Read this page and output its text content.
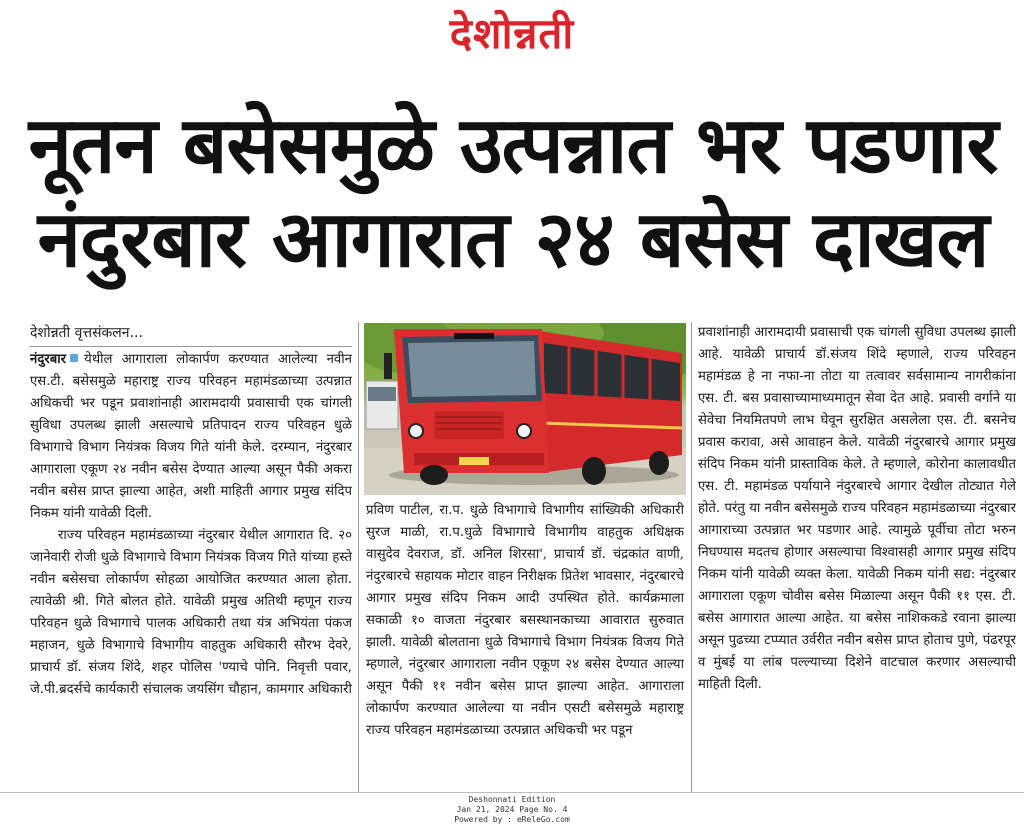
देशोन्नती
नूतन बसेसमुळे उत्पन्नात भर पडणार
नंदुरबार आगारात २४ बसेस दाखल
देशोन्नती वृत्तसंकलन...

नंदुरबार येथील आगाराला लोकार्पण करण्यात आलेल्या नवीन एस.टी. बसेसमुळे महाराष्ट्र राज्य परिवहन महामंडळाच्या उत्पन्नात अधिकची भर पडून प्रवाशांनाही आरामदायी प्रवासाची एक चांगली सुविधा उपलब्ध झाली असल्याचे प्रतिपादन राज्य परिवहन धुळे विभागाचे विभाग नियंत्रक विजय गिते यांनी केले. दरम्यान, नंदुरबार आगाराला एकूण २४ नवीन बसेस देण्यात आल्या असून पैकी अकरा नवीन बसेस प्राप्त झाल्या आहेत, अशी माहिती आगार प्रमुख संदिप निकम यांनी यावेळी दिली.

राज्य परिवहन महामंडळाच्या नंदुरबार येथील आगारात दि. २० जानेवारी रोजी धुळे विभागाचे विभाग नियंत्रक विजय गिते यांच्या हस्ते नवीन बसेसचा लोकार्पण सोहळा आयोजित करण्यात आला होता. त्यावेळी श्री. गिते बोलत होते. यावेळी प्रमुख अतिथी म्हणून राज्य परिवहन धुळे विभागाचे पालक अधिकारी तथा यंत्र अभियंता पंकज महाजन, धुळे विभागाचे विभागीय वाहतुक अधिकारी सौरभ देवरे, प्राचार्य डॉ. संजय शिंदे, शहर पोलिस 'ण्याचे पोनि. निवृत्ती पवार, जे.पी.ब्रदर्सचे कार्यकारी संचालक जयसिंग चौहान, कामगार अधिकारी

प्रविण पाटील, रा.प. धुळे विभागाचे विभागीय सांख्यिकी अधिकारी सुरज माळी, रा.प.धुळे विभागाचे विभागीय वाहतुक अधिक्षक वासुदेव देवराज, डॉ. अनिल शिरसा', प्राचार्य डॉ. चंद्रकांत वाणी, नंदुरबारचे सहायक मोटार वाहन निरीक्षक प्रितेश भावसार, नंदुरबारचे आगार प्रमुख संदिप निकम आदी उपस्थित होते. कार्यक्रमाला सकाळी १० वाजता नंदुरबार बसस्थानकाच्या आवारात सुरुवात झाली. यावेळी बोलताना धुळे विभागाचे विभाग नियंत्रक विजय गिते म्हणाले, नंदुरबार आगाराला नवीन एकूण २४ बसेस देण्यात आल्या असून पैकी ११ नवीन बसेस प्राप्त झाल्या आहेत. आगाराला लोकार्पण करण्यात आलेल्या या नवीन एसटी बसेसमुळे महाराष्ट्र राज्य परिवहन महामंडळाच्या उत्पन्नात अधिकची भर पडून

प्रवाशांनाही आरामदायी प्रवासाची एक चांगली सुविधा उपलब्ध झाली आहे. यावेळी प्राचार्य डॉ.संजय शिंदे म्हणाले, राज्य परिवहन महामंडळ हे ना नफा-ना तोटा या तत्वावर सर्वसामान्य नागरीकांना एस. टी. बस प्रवासाच्यामाध्यमातून सेवा देत आहे. प्रवासी वर्गाने या सेवेचा नियमितपणे लाभ घेवून सुरक्षित असलेला एस. टी. बसनेच प्रवास करावा, असे आवाहन केले. यावेळी नंदुरबारचे आगार प्रमुख संदिप निकम यांनी प्रास्ताविक केले. ते म्हणाले, कोरोना कालावधीत एस. टी. महामंडळ पर्यायाने नंदुरबारचे आगार देखील तोट्यात गेले होते. परंतु या नवीन बसेसमुळे राज्य परिवहन महामंडळाच्या नंदुरबार आगाराच्या उत्पन्नात भर पडणार आहे. त्यामुळे पूर्वीचा तोटा भरुन निघण्यास मदतच होणार असल्याचा विश्वासही आगार प्रमुख संदिप निकम यांनी यावेळी व्यक्त केला. यावेळी निकम यांनी सद्य: नंदुरबार आगाराला एकूण चोवीस बसेस मिळाल्या असून पैकी ११ एस. टी. बसेस आगारात आल्या आहेत. या बसेस नाशिककडे रवाना झाल्या असून पुढच्या टप्प्यात उर्वरीत नवीन बसेस प्राप्त होताच पुणे, पंढरपूर व मुंबई या लांब पल्ल्याच्या दिशेने वाटचाल करणार असल्याची माहिती दिली.

Deshonnati Edition
Jan 21, 2024 Page No. 4
Powered by : eReleGo.com
